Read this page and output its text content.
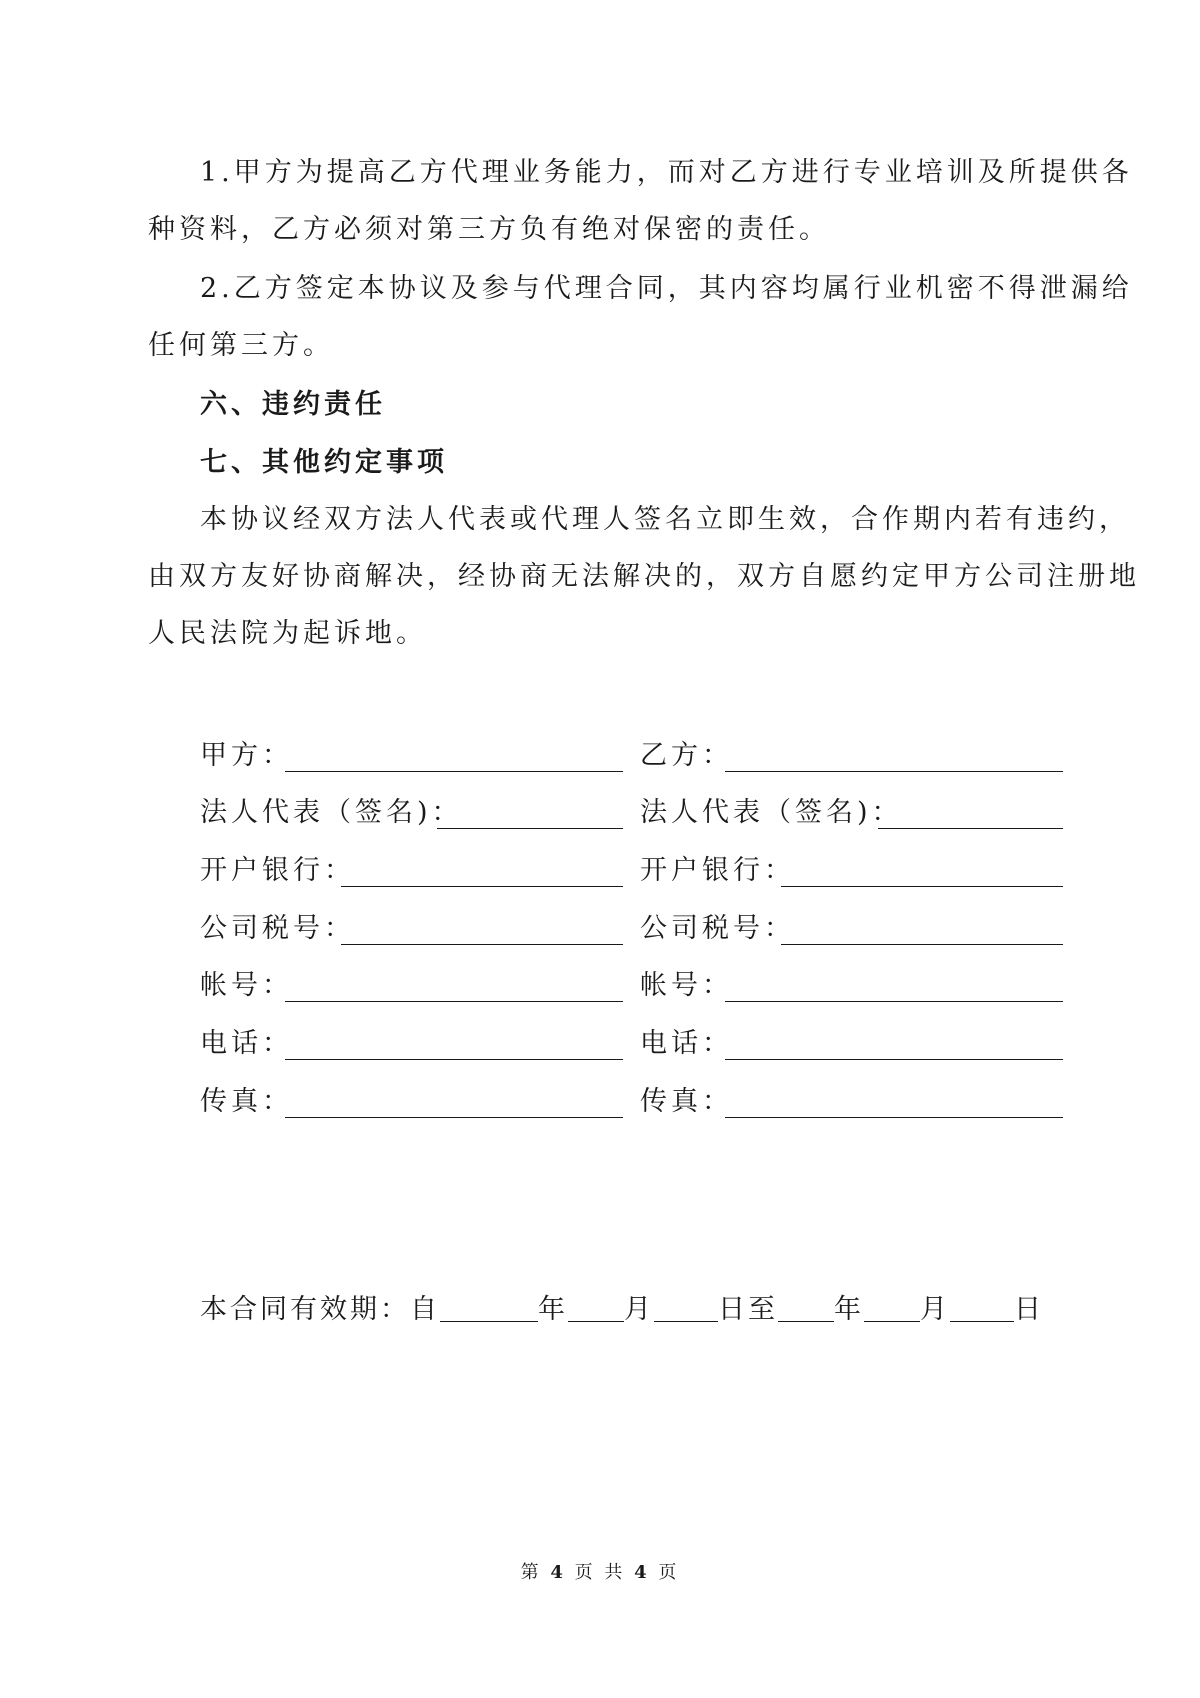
1.甲方为提高乙方代理业务能力，而对乙方进行专业培训及所提供各
种资料，乙方必须对第三方负有绝对保密的责任。
2.乙方签定本协议及参与代理合同，其内容均属行业机密不得泄漏给
任何第三方。
六、违约责任
七、其他约定事项
本协议经双方法人代表或代理人签名立即生效，合作期内若有违约，
由双方友好协商解决，经协商无法解决的，双方自愿约定甲方公司注册地
人民法院为起诉地。
甲方：	乙方：
法人代表（签名)：	法人代表（签名)：
开户银行：	开户银行：
公司税号：	公司税号：
帐号：	帐号：
电话：	电话：
传真：	传真：
本合同有效期：自	年 月 日至 年 月 日
第 4 页 共 4 页
